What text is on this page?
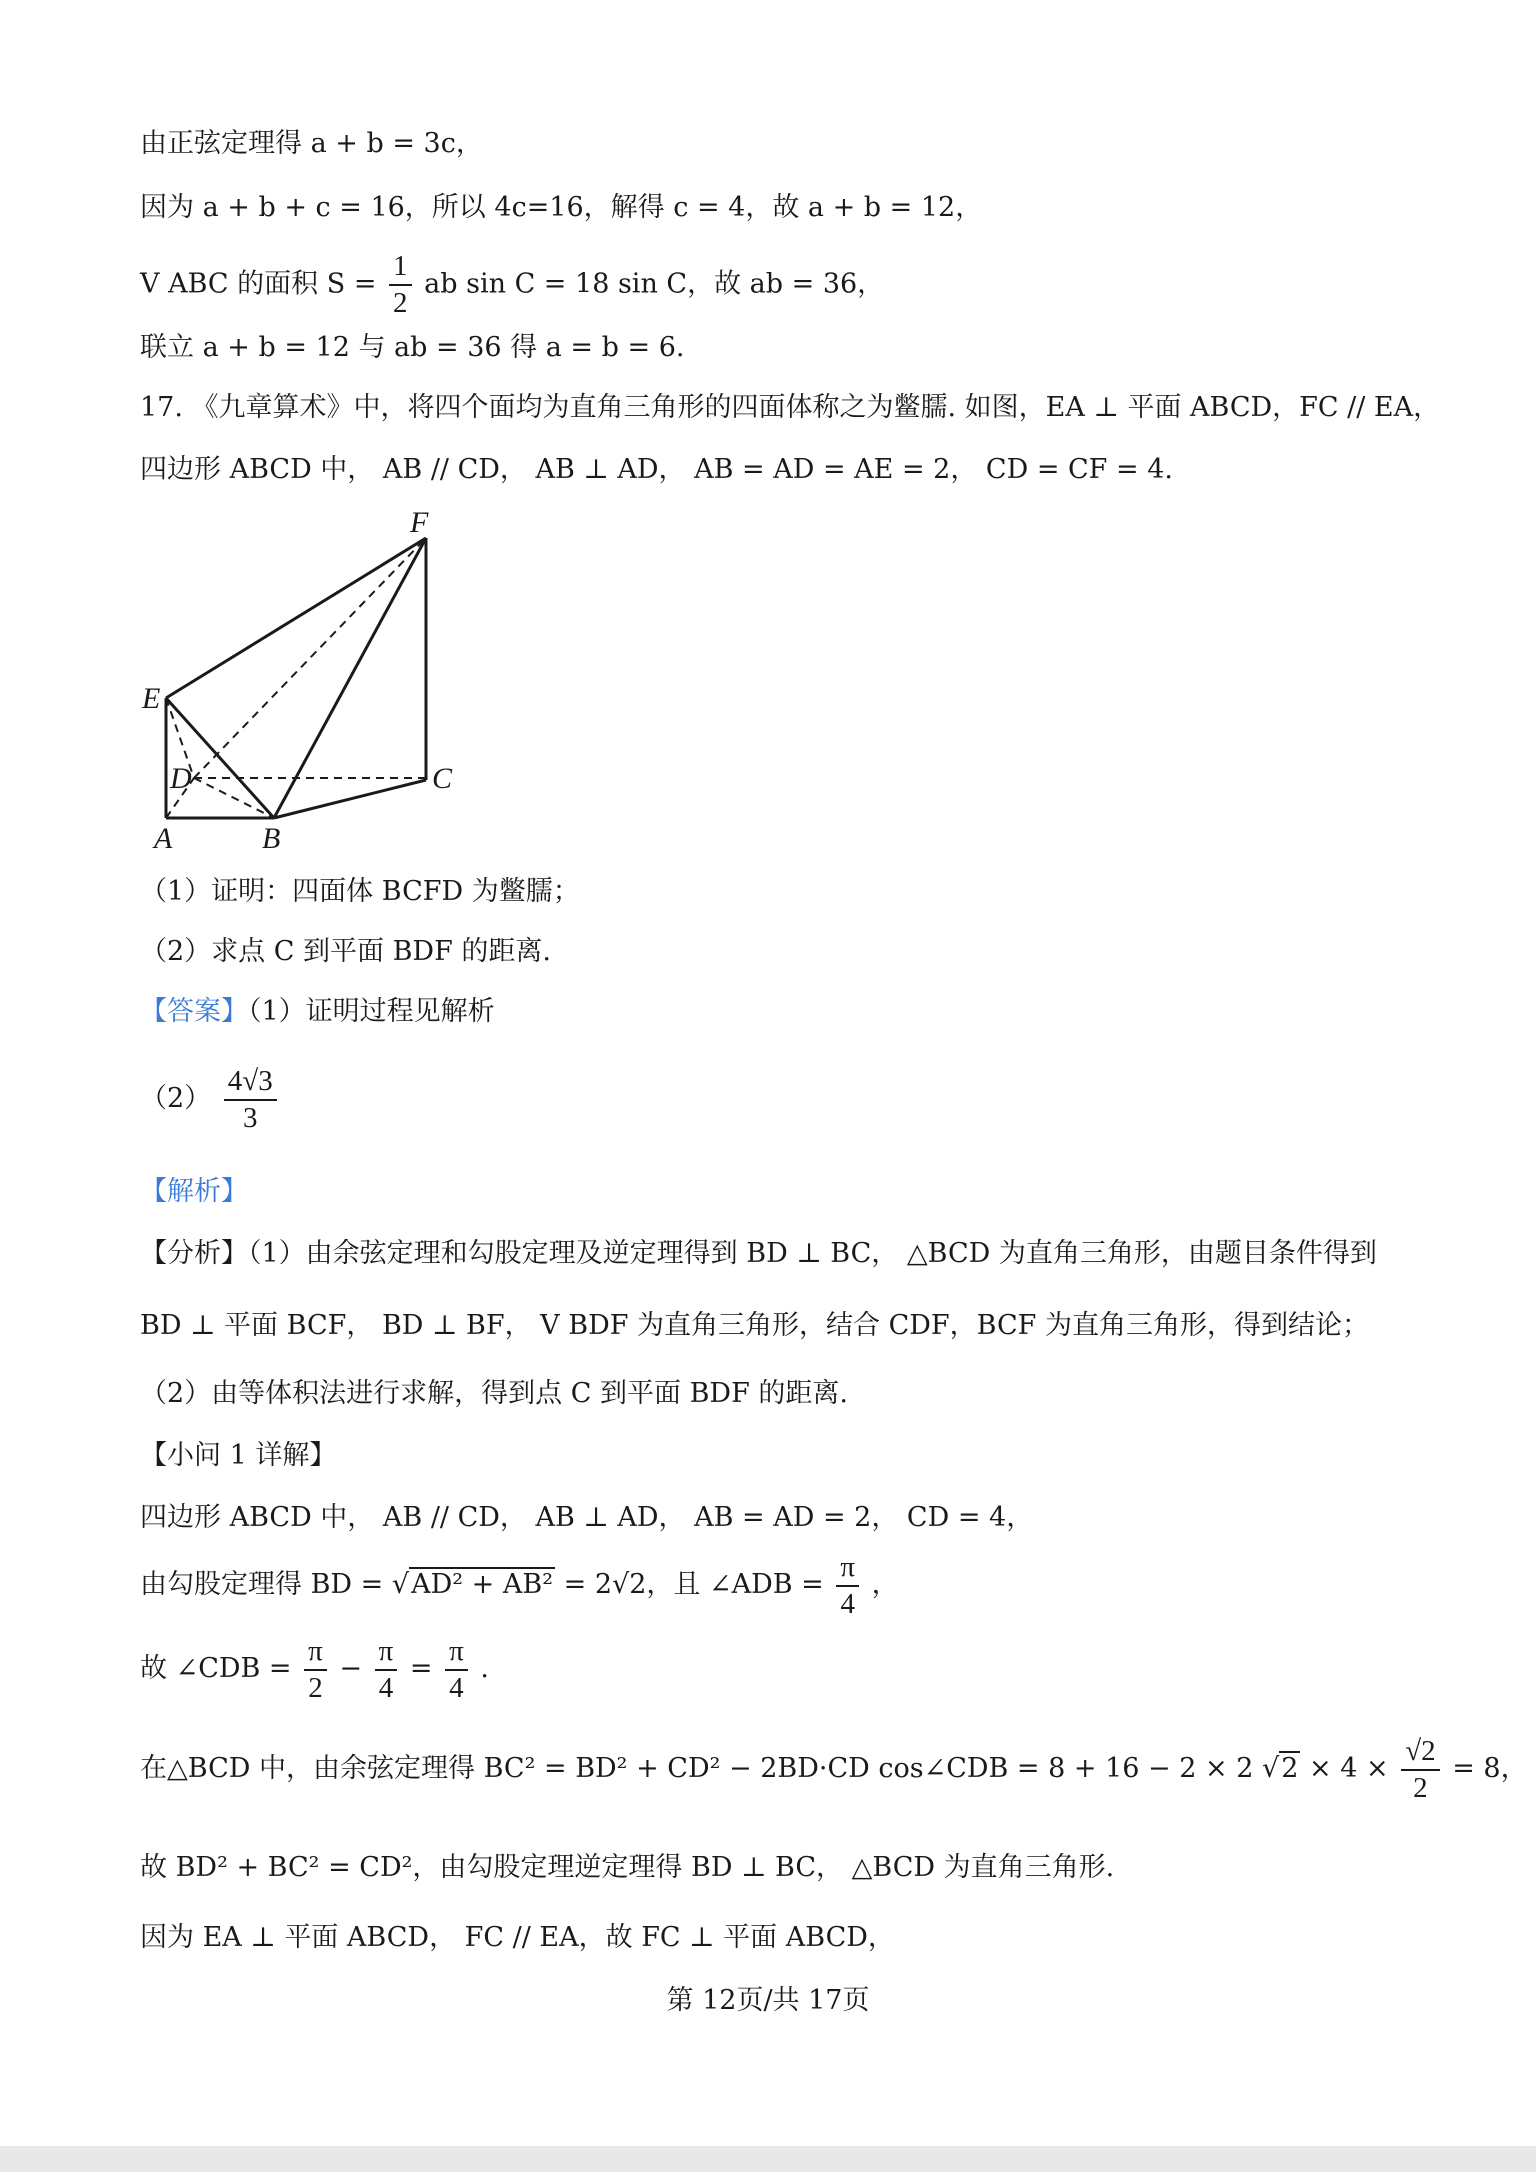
由正弦定理得 a + b = 3c，
因为 a + b + c = 16，所以 4c=16，解得 c = 4，故 a + b = 12，
V ABC 的面积 $S = \frac{1}{2}$ ab sin C = 18 sin C，故 ab = 36，
联立 a + b = 12 与 ab = 36 得 a = b = 6.
17. 《九章算术》中，将四个面均为直角三角形的四面体称之为鳖臑. 如图，EA ⊥ 平面 ABCD，FC // EA，
四边形 ABCD 中， AB // CD， AB ⊥ AD， AB = AD = AE = 2， CD = CF = 4.
F
E
D	C
A	B
（1）证明：四面体 BCFD 为鳖臑；
（2）求点 C 到平面 BDF 的距离.
【答案】（1）证明过程见解析
$(2) \frac{4√3}{3}$
【解析】
【分析】（1）由余弦定理和勾股定理及逆定理得到 BD ⊥ BC， △BCD 为直角三角形，由题目条件得到
BD ⊥ 平面 BCF， BD ⊥ BF， V BDF 为直角三角形，结合 CDF，BCF 为直角三角形，得到结论；
（2）由等体积法进行求解，得到点 C 到平面 BDF 的距离.
【小问 1 详解】
四边形 ABCD 中， AB // CD， AB ⊥ AD， AB = AD = 2， CD = 4，
由勾股定理得 BD = √AD² + AB² = 2√2，且 ∠ADB = $\frac{\pi}{4}$ ，
故 ∠CDB = $\frac{\pi}{2} - \frac{\pi}{4} = \frac{\pi}{4}$ .
在△BCD 中，由余弦定理得 BC² = BD² + CD² − 2BD·CD cos∠CDB = 8 + 16 − 2 × 2 $√2 \times 4 \times \frac{√2}{2} = 8$，
故 BD² + BC² = CD²，由勾股定理逆定理得 BD ⊥ BC， △BCD 为直角三角形.
因为 EA ⊥ 平面 ABCD， FC // EA，故 FC ⊥ 平面 ABCD，
第 12页/共 17页
